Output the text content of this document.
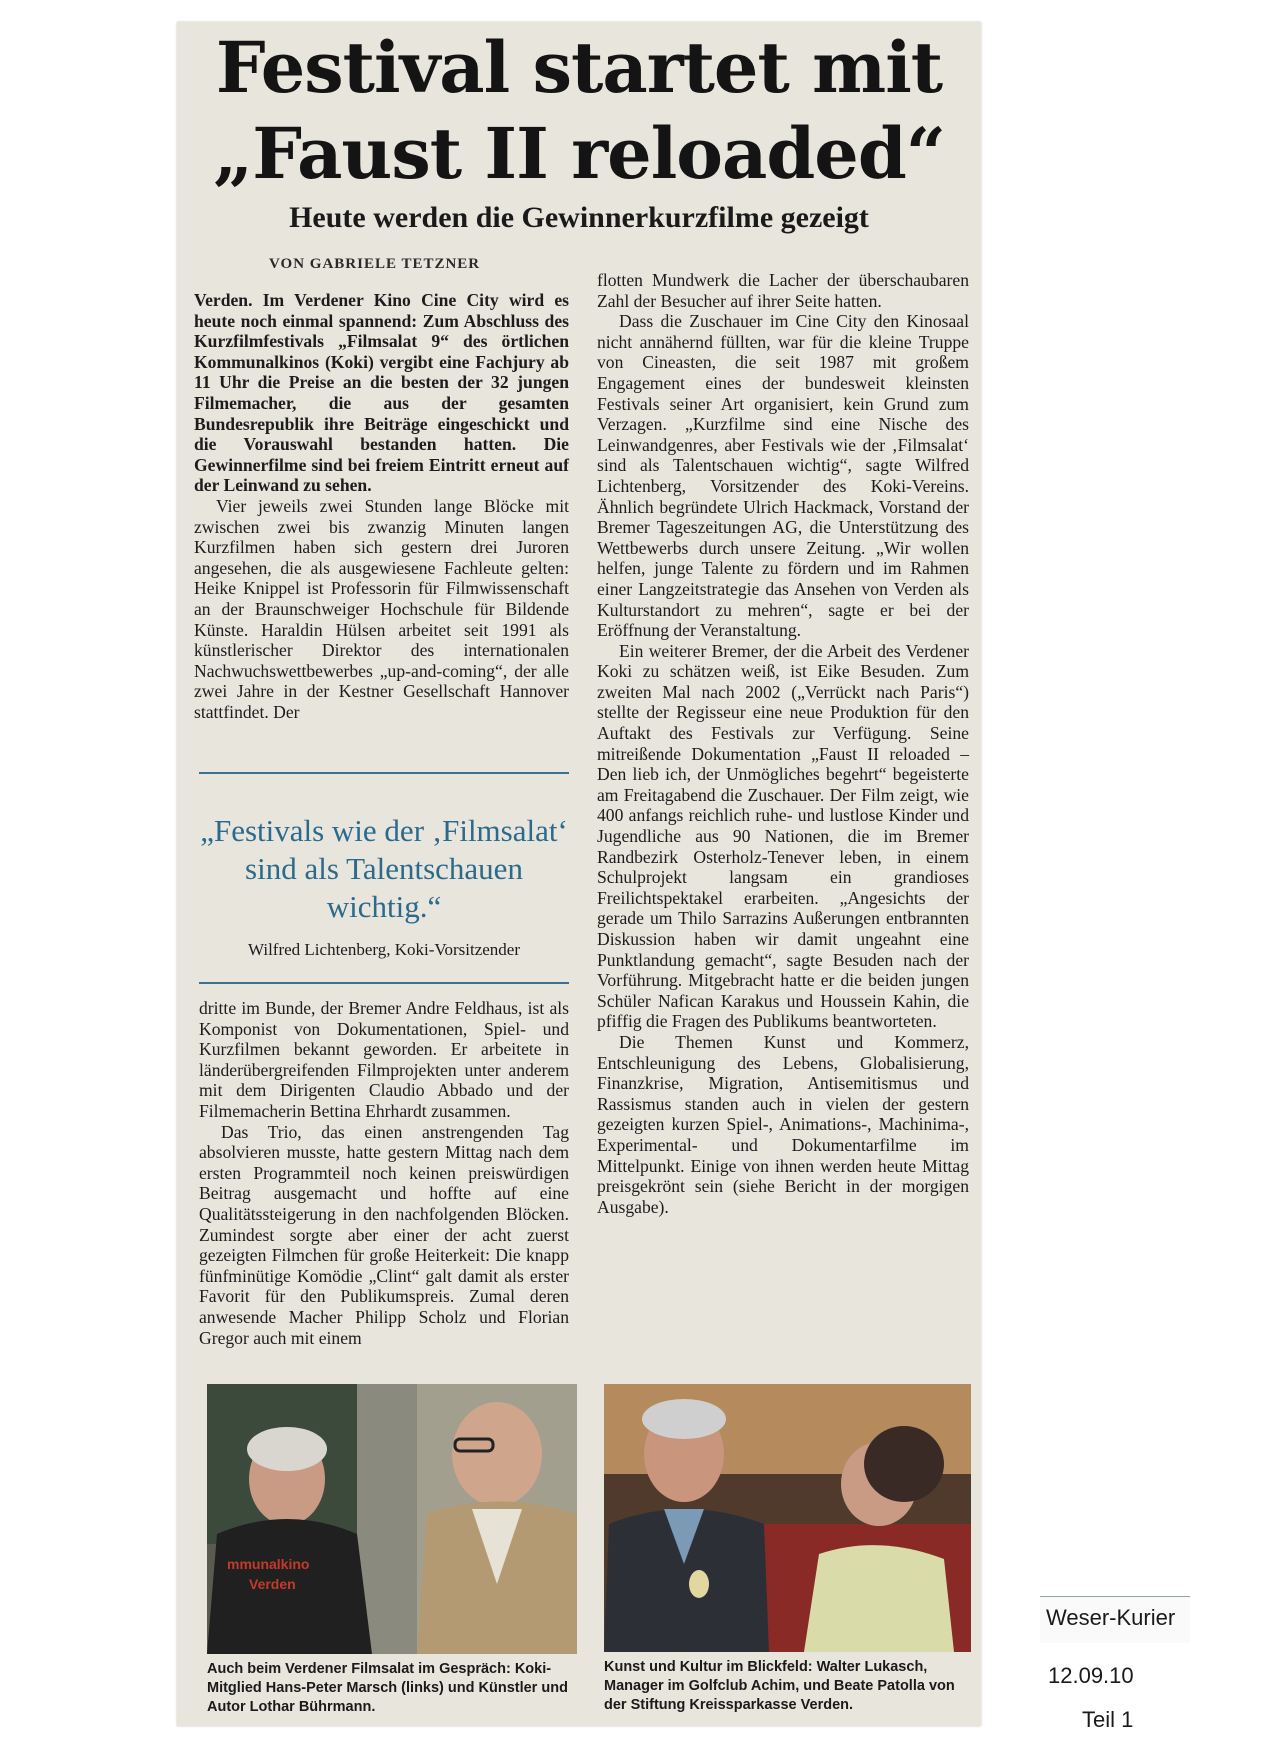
Festival startet mit
„Faust II reloaded“
Heute werden die Gewinnerkurzfilme gezeigt
VON GABRIELE TETZNER

Verden. Im Verdener Kino Cine City wird es heute noch einmal spannend: Zum Abschluss des Kurzfilmfestivals „Filmsalat 9“ des örtlichen Kommunalkinos (Koki) vergibt eine Fachjury ab 11 Uhr die Preise an die besten der 32 jungen Filmemacher, die aus der gesamten Bundesrepublik ihre Beiträge eingeschickt und die Vorauswahl bestanden hatten. Die Gewinnerfilme sind bei freiem Eintritt erneut auf der Leinwand zu sehen.

Vier jeweils zwei Stunden lange Blöcke mit zwischen zwei bis zwanzig Minuten langen Kurzfilmen haben sich gestern drei Juroren angesehen, die als ausgewiesene Fachleute gelten: Heike Knippel ist Professorin für Filmwissenschaft an der Braunschweiger Hochschule für Bildende Künste. Haraldin Hülsen arbeitet seit 1991 als künstlerischer Direktor des internationalen Nachwuchswettbewerbes „up-and-coming“, der alle zwei Jahre in der Kestner Gesellschaft Hannover stattfindet. Der

„Festivals wie der ‚Filmsalat‘ sind als Talentschauen wichtig.“
Wilfred Lichtenberg, Koki-Vorsitzender

dritte im Bunde, der Bremer Andre Feldhaus, ist als Komponist von Dokumentationen, Spiel- und Kurzfilmen bekannt geworden. Er arbeitete in länderübergreifenden Filmprojekten unter anderem mit dem Dirigenten Claudio Abbado und der Filmemacherin Bettina Ehrhardt zusammen.

Das Trio, das einen anstrengenden Tag absolvieren musste, hatte gestern Mittag nach dem ersten Programmteil noch keinen preiswürdigen Beitrag ausgemacht und hoffte auf eine Qualitätssteigerung in den nachfolgenden Blöcken. Zumindest sorgte aber einer der acht zuerst gezeigten Filmchen für große Heiterkeit: Die knapp fünfminütige Komödie „Clint“ galt damit als erster Favorit für den Publikumspreis. Zumal deren anwesende Macher Philipp Scholz und Florian Gregor auch mit einem

flotten Mundwerk die Lacher der überschaubaren Zahl der Besucher auf ihrer Seite hatten.

Dass die Zuschauer im Cine City den Kinosaal nicht annähernd füllten, war für die kleine Truppe von Cineasten, die seit 1987 mit großem Engagement eines der bundesweit kleinsten Festivals seiner Art organisiert, kein Grund zum Verzagen. „Kurzfilme sind eine Nische des Leinwandgenres, aber Festivals wie der ‚Filmsalat‘ sind als Talentschauen wichtig“, sagte Wilfred Lichtenberg, Vorsitzender des Koki-Vereins. Ähnlich begründete Ulrich Hackmack, Vorstand der Bremer Tageszeitungen AG, die Unterstützung des Wettbewerbs durch unsere Zeitung. „Wir wollen helfen, junge Talente zu fördern und im Rahmen einer Langzeitstrategie das Ansehen von Verden als Kulturstandort zu mehren“, sagte er bei der Eröffnung der Veranstaltung.

Ein weiterer Bremer, der die Arbeit des Verdener Koki zu schätzen weiß, ist Eike Besuden. Zum zweiten Mal nach 2002 („Verrückt nach Paris“) stellte der Regisseur eine neue Produktion für den Auftakt des Festivals zur Verfügung. Seine mitreißende Dokumentation „Faust II reloaded – Den lieb ich, der Unmögliches begehrt“ begeisterte am Freitagabend die Zuschauer. Der Film zeigt, wie 400 anfangs reichlich ruhe- und lustlose Kinder und Jugendliche aus 90 Nationen, die im Bremer Randbezirk Osterholz-Tenever leben, in einem Schulprojekt langsam ein grandioses Freilichtspektakel erarbeiten. „Angesichts der gerade um Thilo Sarrazins Außerungen entbrannten Diskussion haben wir damit ungeahnt eine Punktlandung gemacht“, sagte Besuden nach der Vorführung. Mitgebracht hatte er die beiden jungen Schüler Nafican Karakus und Houssein Kahin, die pfiffig die Fragen des Publikums beantworteten.

Die Themen Kunst und Kommerz, Entschleunigung des Lebens, Globalisierung, Finanzkrise, Migration, Antisemitismus und Rassismus standen auch in vielen der gestern gezeigten kurzen Spiel-, Animations-, Machinima-, Experimental- und Dokumentarfilme im Mittelpunkt. Einige von ihnen werden heute Mittag preisgekrönt sein (siehe Bericht in der morgigen Ausgabe).

mmunalkino
Verden
Auch beim Verdener Filmsalat im Gespräch: Koki-Mitglied Hans-Peter Marsch (links) und Künstler und Autor Lothar Bührmann.
Kunst und Kultur im Blickfeld: Walter Lukasch, Manager im Golfclub Achim, und Beate Patolla von der Stiftung Kreissparkasse Verden.
Weser-Kurier
12.09.10
Teil 1
